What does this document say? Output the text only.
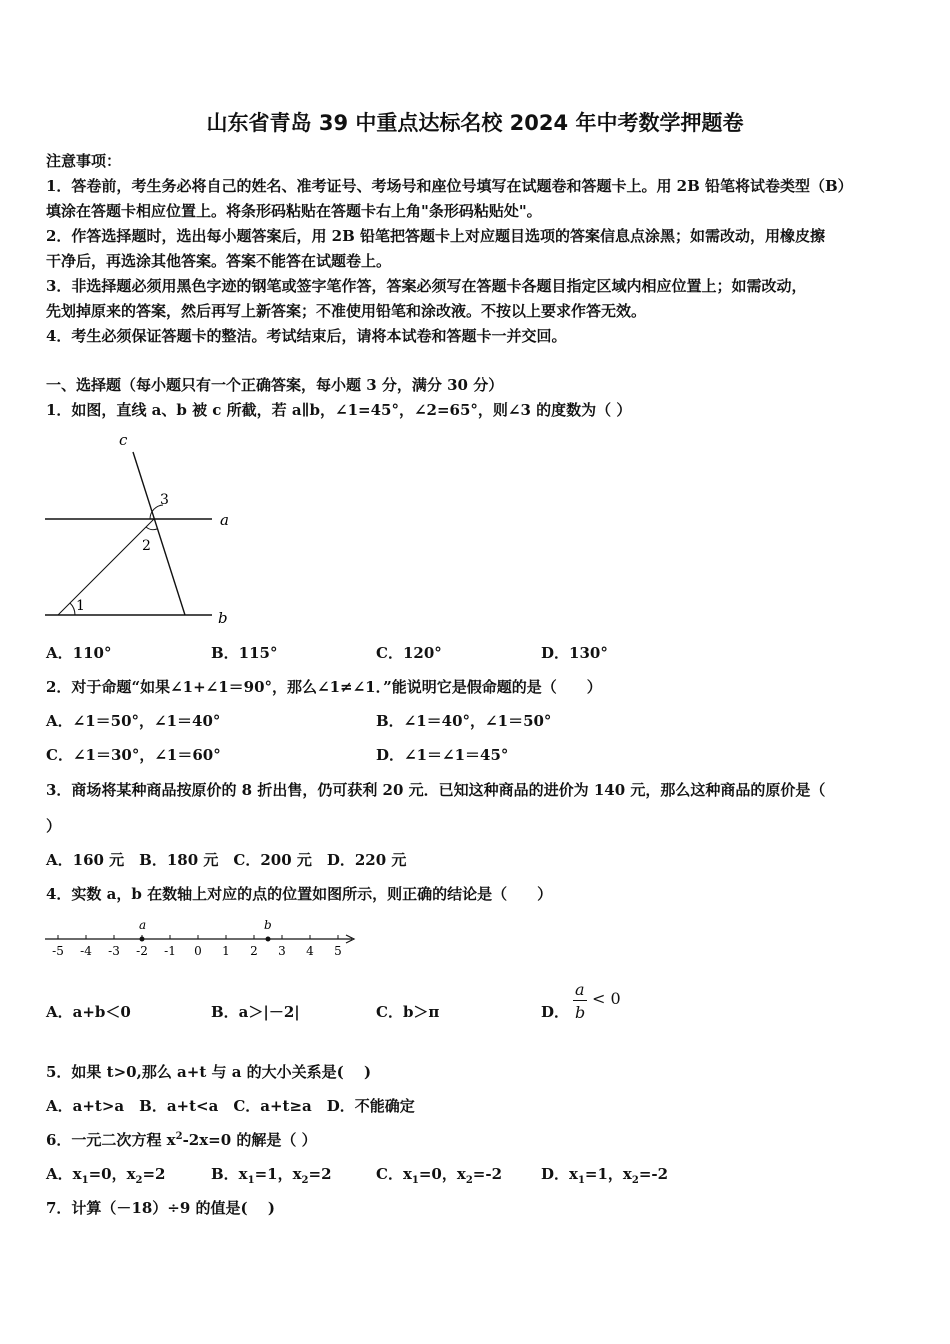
山东省青岛 39 中重点达标名校 2024 年中考数学押题卷
注意事项：
1．答卷前，考生务必将自己的姓名、准考证号、考场号和座位号填写在试题卷和答题卡上。用 2B 铅笔将试卷类型（B）
填涂在答题卡相应位置上。将条形码粘贴在答题卡右上角"条形码粘贴处"。
2．作答选择题时，选出每小题答案后，用 2B 铅笔把答题卡上对应题目选项的答案信息点涂黑；如需改动，用橡皮擦
干净后，再选涂其他答案。答案不能答在试题卷上。
3．非选择题必须用黑色字迹的钢笔或签字笔作答，答案必须写在答题卡各题目指定区域内相应位置上；如需改动，
先划掉原来的答案，然后再写上新答案；不准使用铅笔和涂改液。不按以上要求作答无效。
4．考生必须保证答题卡的整洁。考试结束后，请将本试卷和答题卡一并交回。
一、选择题（每小题只有一个正确答案，每小题 3 分，满分 30 分）
1．如图，直线 a、b 被 c 所截，若 a∥b，∠1=45°，∠2=65°，则∠3 的度数为（ ）
c
a
b
1
2
3
A．110°	B．115°	C．120°	D．130°
2．对于命题“如果∠1+∠1＝90°，那么∠1≠∠1．”能说明它是假命题的是（　　）
A．∠1＝50°，∠1＝40°	B．∠1＝40°，∠1＝50°
C．∠1＝30°，∠1＝60°	D．∠1＝∠1＝45°
3．商场将某种商品按原价的 8 折出售，仍可获利 20 元．已知这种商品的进价为 140 元，那么这种商品的原价是（
）
A．160 元　B．180 元　C．200 元　D．220 元
4．实数 a，b 在数轴上对应的点的位置如图所示，则正确的结论是（　　）
-5 -4 -3 -2 -1 0 1 2 3 4 5
a	b
A．a+b＜0	B．a＞|－2|	C．b＞π	D．
a
b
< 0
5．如果 t>0,那么 a+t 与 a 的大小关系是(　 )
A．a+t>a　B．a+t<a　C．a+t≥a　D．不能确定
6．一元二次方程 $x^2-2x=0$ 的解是（ ）
A．$x_1=0$，$x_2=2$	B．$x_1=1$，$x_2=2$	C．$x_1=0$，$x_2=-2$	D．$x_1=1$，$x_2=-2$
7．计算（－18）÷9 的值是(　 )
